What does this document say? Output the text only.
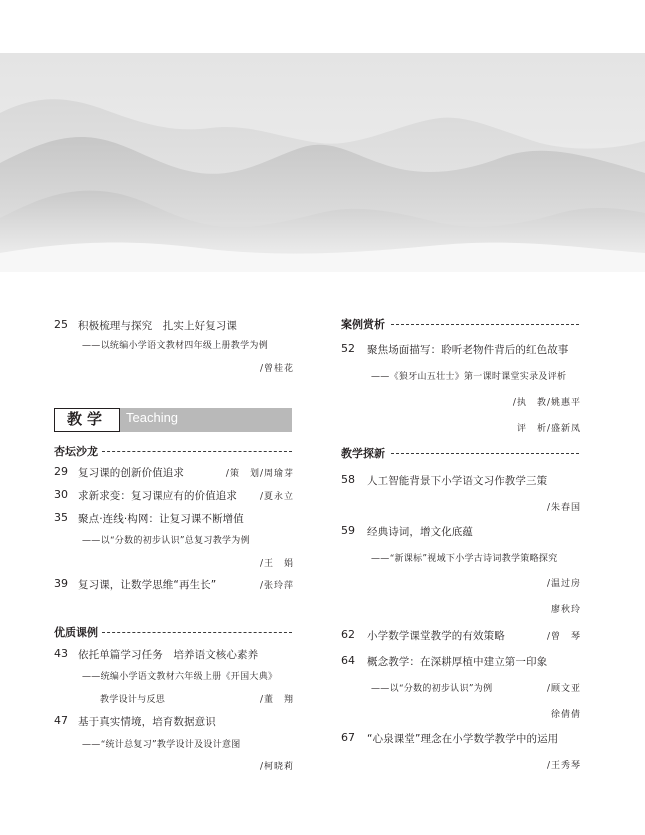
25 积极梳理与探究　扎实上好复习课
——以统编小学语文教材四年级上册教学为例
/曾桂花
教学	Teaching
杏坛沙龙
29 复习课的创新价值追求	/策　划/周瑜芽
30 求新求变：复习课应有的价值追求	/夏永立
35 聚点·连线·构网：让复习课不断增值
——以“分数的初步认识”总复习教学为例
/王　娟
39 复习课，让数学思维“再生长”	/张玲萍
优质课例
43 依托单篇学习任务　培养语文核心素养
——统编小学语文教材六年级上册《开国大典》
教学设计与反思	/董　翔
47 基于真实情境，培育数据意识
——“统计总复习”教学设计及设计意图
/柯晓莉
案例赏析
52 聚焦场面描写：聆听老物件背后的红色故事
——《狼牙山五壮士》第一课时课堂实录及评析
/执　教/姚惠平
评　析/盛新凤
教学探新
58 人工智能背景下小学语文习作教学三策
/朱春国
59 经典诗词，增文化底蕴
——“新课标”视域下小学古诗词教学策略探究
/温过房
廖秋玲
62 小学数学课堂教学的有效策略	/曾　琴
64 概念教学：在深耕厚植中建立第一印象
——以“分数的初步认识”为例	/顾文亚
徐倩倩
67 “心泉课堂”理念在小学数学教学中的运用
/王秀琴
